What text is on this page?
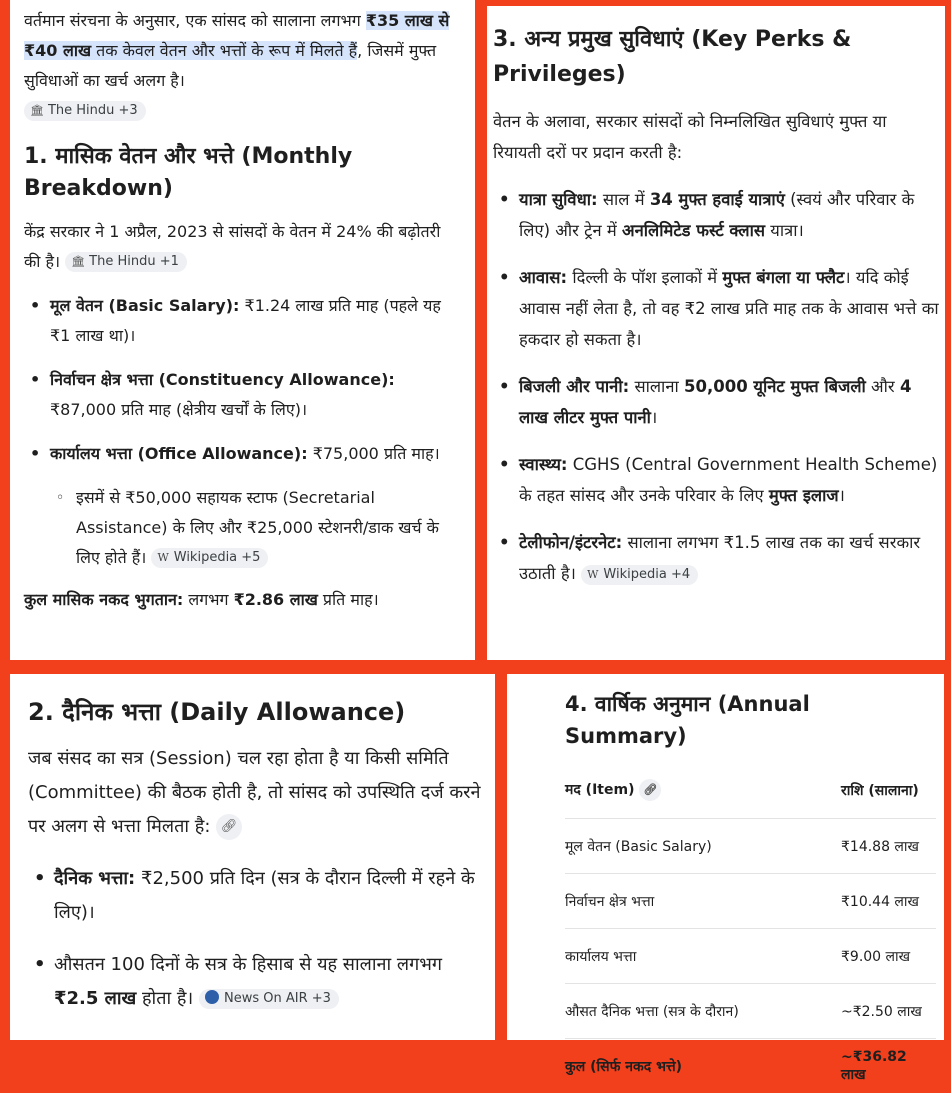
वर्तमान संरचना के अनुसार, एक सांसद को सालाना लगभग ₹35 लाख से ₹40 लाख तक केवल वेतन और भत्तों के रूप में मिलते हैं, जिसमें मुफ्त सुविधाओं का खर्च अलग है।

🏛︎ The Hindu +3
1. मासिक वेतन और भत्ते (Monthly Breakdown)

केंद्र सरकार ने 1 अप्रैल, 2023 से सांसदों के वेतन में 24% की बढ़ोतरी की है। 🏛︎ The Hindu +1

• मूल वेतन (Basic Salary): ₹1.24 लाख प्रति माह (पहले यह ₹1 लाख था)।
• निर्वाचन क्षेत्र भत्ता (Constituency Allowance): ₹87,000 प्रति माह (क्षेत्रीय खर्चों के लिए)।
• कार्यालय भत्ता (Office Allowance): ₹75,000 प्रति माह।
◦ इसमें से ₹50,000 सहायक स्टाफ (Secretarial Assistance) के लिए और ₹25,000 स्टेशनरी/डाक खर्च के लिए होते हैं। W Wikipedia +5

कुल मासिक नकद भुगतान: लगभग ₹2.86 लाख प्रति माह।

3. अन्य प्रमुख सुविधाएं (Key Perks & Privileges)

वेतन के अलावा, सरकार सांसदों को निम्नलिखित सुविधाएं मुफ्त या रियायती दरों पर प्रदान करती है:

• यात्रा सुविधा: साल में 34 मुफ्त हवाई यात्राएं (स्वयं और परिवार के लिए) और ट्रेन में अनलिमिटेड फर्स्ट क्लास यात्रा।
• आवास: दिल्ली के पॉश इलाकों में मुफ्त बंगला या फ्लैट। यदि कोई आवास नहीं लेता है, तो वह ₹2 लाख प्रति माह तक के आवास भत्ते का हकदार हो सकता है।
• बिजली और पानी: सालाना 50,000 यूनिट मुफ्त बिजली और 4 लाख लीटर मुफ्त पानी।
• स्वास्थ्य: CGHS (Central Government Health Scheme) के तहत सांसद और उनके परिवार के लिए मुफ्त इलाज।
• टेलीफोन/इंटरनेट: सालाना लगभग ₹1.5 लाख तक का खर्च सरकार उठाती है। W Wikipedia +4
2. दैनिक भत्ता (Daily Allowance)

जब संसद का सत्र (Session) चल रहा होता है या किसी समिति (Committee) की बैठक होती है, तो सांसद को उपस्थिति दर्ज करने पर अलग से भत्ता मिलता है: 🔗︎

• दैनिक भत्ता: ₹2,500 प्रति दिन (सत्र के दौरान दिल्ली में रहने के लिए)।
• औसतन 100 दिनों के सत्र के हिसाब से यह सालाना लगभग ₹2.5 लाख होता है। News On AIR +3
4. वार्षिक अनुमान (Annual Summary)
मद (Item) 🔗︎	राशि (सालाना)
मूल वेतन (Basic Salary)	₹14.88 लाख
निर्वाचन क्षेत्र भत्ता	₹10.44 लाख
कार्यालय भत्ता	₹9.00 लाख
औसत दैनिक भत्ता (सत्र के दौरान)	~₹2.50 लाख
कुल (सिर्फ नकद भत्ते)	~₹36.82 लाख
